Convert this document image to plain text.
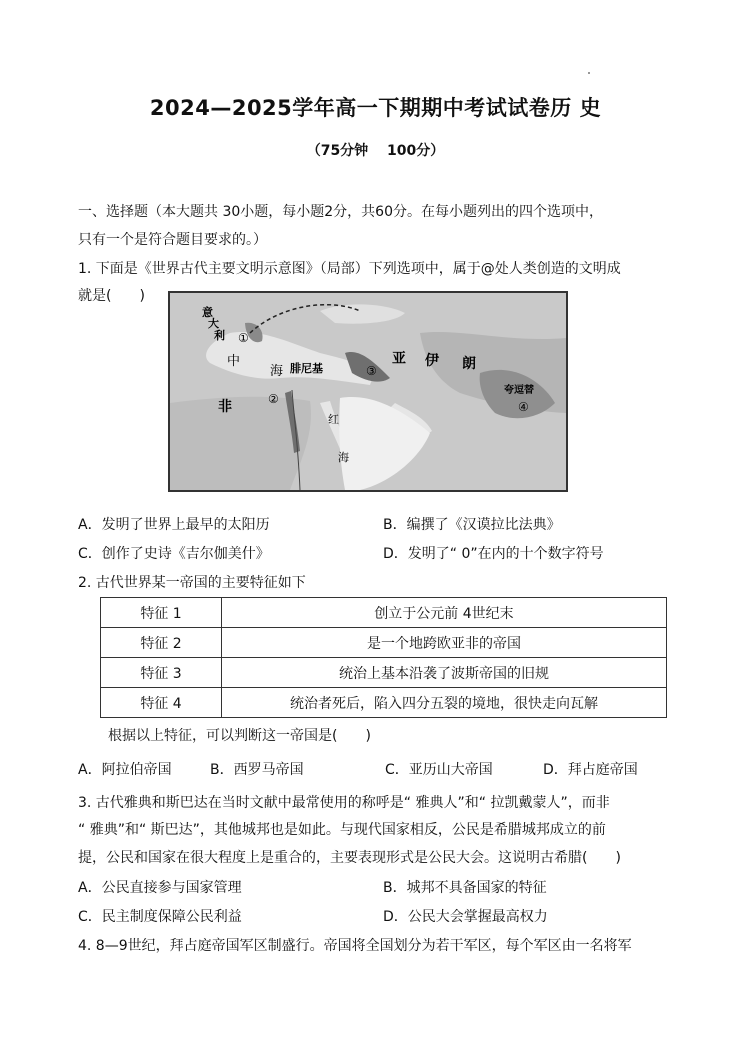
2024—2025学年高一下期期中考试试卷历 史
（75分钟　 100分）
一、选择题（本大题共 30小题，每小题2分，共60分。在每小题列出的四个选项中，
只有一个是符合题目要求的。）
1. 下面是《世界古代主要文明示意图》（局部）下列选项中，属于@处人类创造的文明成
就是(　　)
意
大
利 ①
中
海 腓尼基
非	②
③
亚 伊 朗
红
海
夸逗替
④
A．发明了世界上最早的太阳历	B．编撰了《汉谟拉比法典》
C．创作了史诗《吉尔伽美什》	D．发明了“ 0”在内的十个数字符号
2. 古代世界某一帝国的主要特征如下
特征 1	创立于公元前 4世纪末
特征 2	是一个地跨欧亚非的帝国
特征 3	统治上基本沿袭了波斯帝国的旧规
特征 4	统治者死后，陷入四分五裂的境地，很快走向瓦解
根据以上特征，可以判断这一帝国是(　　)
A．阿拉伯帝国	B．西罗马帝国	C．亚历山大帝国	D．拜占庭帝国
3. 古代雅典和斯巴达在当时文献中最常使用的称呼是“ 雅典人”和“ 拉凯戴蒙人”，而非
“ 雅典”和“ 斯巴达”，其他城邦也是如此。与现代国家相反，公民是希腊城邦成立的前
提，公民和国家在很大程度上是重合的，主要表现形式是公民大会。这说明古希腊(　　)
A．公民直接参与国家管理	B．城邦不具备国家的特征
C．民主制度保障公民利益	D．公民大会掌握最高权力
4. 8—9世纪，拜占庭帝国军区制盛行。帝国将全国划分为若干军区，每个军区由一名将军
